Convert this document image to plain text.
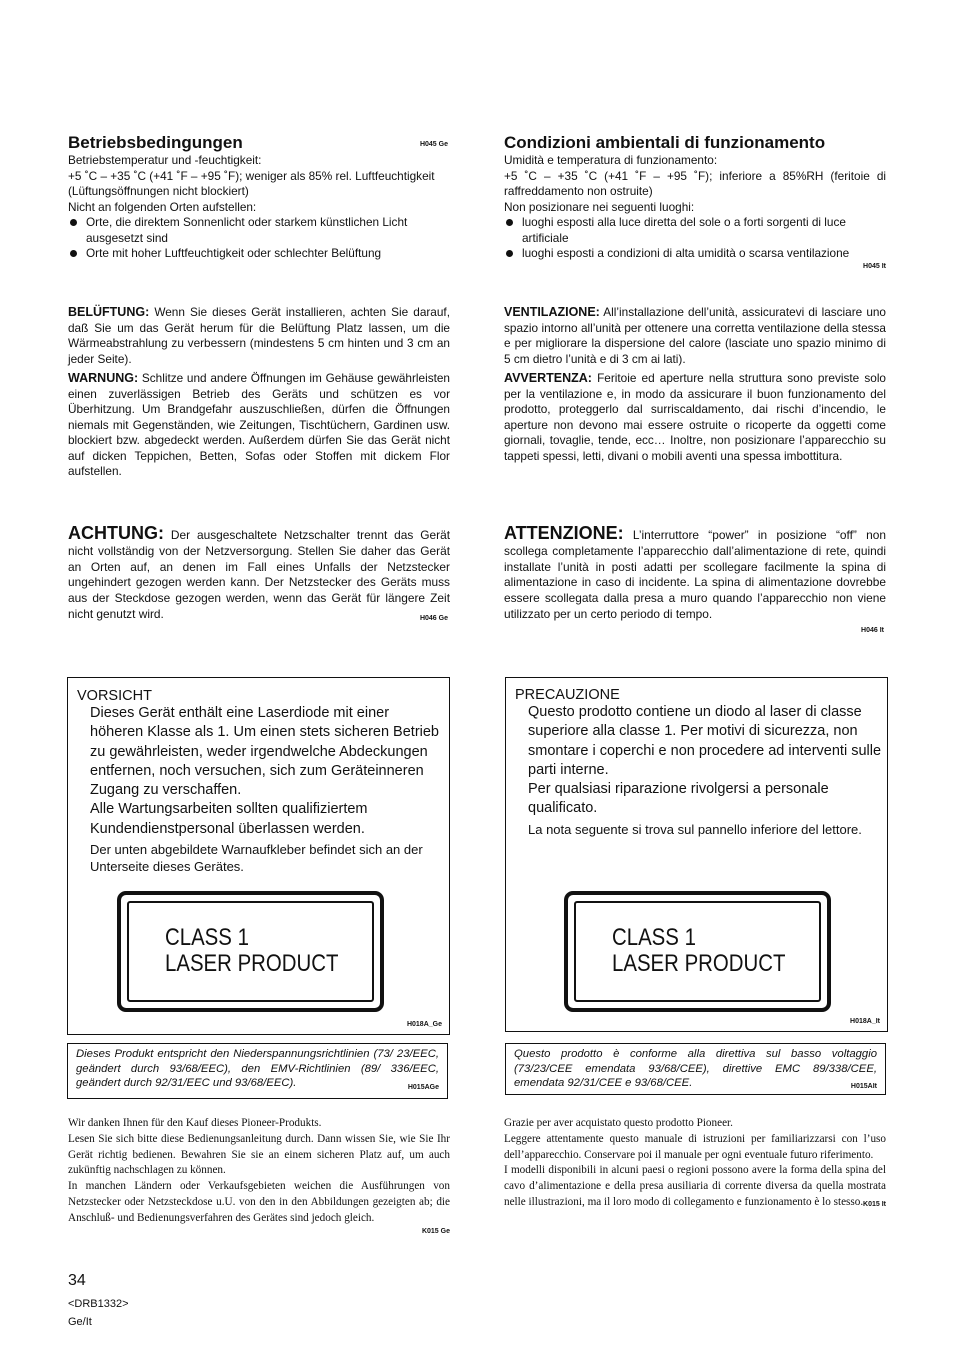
Betriebsbedingungen	H045 Ge

Betriebstemperatur und -feuchtigkeit:

+5 ˚C – +35 ˚C (+41 ˚F – +95 ˚F); weniger als 85% rel. Luftfeuchtigkeit (Lüftungsöffnungen nicht blockiert)

Nicht an folgenden Orten aufstellen:

Orte, die direktem Sonnenlicht oder starkem künstlichen Licht ausgesetzt sind
Orte mit hoher Luftfeuchtigkeit oder schlechter Belüftung

BELÜFTUNG: Wenn Sie dieses Gerät installieren, achten Sie darauf, daß Sie um das Gerät herum für die Belüftung Platz lassen, um die Wärmeabstrahlung zu verbessern (mindestens 5 cm hinten und 3 cm an jeder Seite).

WARNUNG: Schlitze und andere Öffnungen im Gehäuse gewährleisten einen zuverlässigen Betrieb des Geräts und schützen es vor Überhitzung. Um Brandgefahr auszuschließen, dürfen die Öffnungen niemals mit Gegenständen, wie Zeitungen, Tischtüchern, Gardinen usw. blockiert bzw. abgedeckt werden. Außerdem dürfen Sie das Gerät nicht auf dicken Teppichen, Betten, Sofas oder Stoffen mit dickem Flor aufstellen.

ACHTUNG: Der ausgeschaltete Netzschalter trennt das Gerät nicht vollständig von der Netzversorgung. Stellen Sie daher das Gerät an Orten auf, an denen im Fall eines Unfalls der Netzstecker ungehindert gezogen werden kann. Der Netzstecker des Geräts muss aus der Steckdose gezogen werden, wenn das Gerät für längere Zeit nicht genutzt wird.	H046 Ge

VORSICHT

Dieses Gerät enthält eine Laserdiode mit einer höheren Klasse als 1. Um einen stets sicheren Betrieb zu gewährleisten, weder irgendwelche Abdeckungen entfernen, noch versuchen, sich zum Geräteinneren Zugang zu verschaffen.

Alle Wartungsarbeiten sollten qualifiziertem Kundendienstpersonal überlassen werden.

Der unten abgebildete Warnaufkleber befindet sich an der Unterseite dieses Gerätes.

CLASS 1
LASER PRODUCT
H018A_Ge
Dieses Produkt entspricht den Niederspannungsrichtlinien (73/ 23/EEC, geändert durch 93/68/EEC), den EMV-Richtlinien (89/ 336/EEC, geändert durch 92/31/EEC und 93/68/EEC).	H015AGe

Wir danken Ihnen für den Kauf dieses Pioneer-Produkts.

Lesen Sie sich bitte diese Bedienungsanleitung durch. Dann wissen Sie, wie Sie Ihr Gerät richtig bedienen. Bewahren Sie sie an einem sicheren Platz auf, um auch zukünftig nachschlagen zu können.

In manchen Ländern oder Verkaufsgebieten weichen die Ausführungen von Netzstecker oder Netzsteckdose u.U. von den in den Abbildungen gezeigten ab; die Anschluß- und Bedienungsverfahren des Gerätes sind jedoch gleich.

K015 Ge
Condizioni ambientali di funzionamento

Umidità e temperatura di funzionamento:

+5 ˚C – +35 ˚C (+41 ˚F – +95 ˚F); inferiore a 85%RH (feritoie di raffreddamento non ostruite)

Non posizionare nei seguenti luoghi:

luoghi esposti alla luce diretta del sole o a forti sorgenti di luce artificiale
luoghi esposti a condizioni di alta umidità o scarsa ventilazione
H045 It

VENTILAZIONE: All’installazione dell’unità, assicuratevi di lasciare uno spazio intorno all’unità per ottenere una corretta ventilazione della stessa e per migliorare la dispersione del calore (lasciate uno spazio minimo di 5 cm dietro l’unità e di 3 cm ai lati).

AVVERTENZA: Feritoie ed aperture nella struttura sono previste solo per la ventilazione e, in modo da assicurare il buon funzionamento del prodotto, proteggerlo dal surriscaldamento, dai rischi d’incendio, le aperture non devono mai essere ostruite o ricoperte da oggetti come giornali, tovaglie, tende, ecc… Inoltre, non posizionare l’apparecchio su tappeti spessi, letti, divani o mobili aventi una spessa imbottitura.

ATTENZIONE: L’interruttore “power” in posizione “off” non scollega completamente l’apparecchio dall’alimentazione di rete, quindi installate l’unità in posti adatti per scollegare facilmente la spina di alimentazione in caso di incidente. La spina di alimentazione dovrebbe essere scollegata dalla presa a muro quando l’apparecchio non viene utilizzato per un certo periodo di tempo.

H046 It

PRECAUZIONE

Questo prodotto contiene un diodo al laser di classe superiore alla classe 1. Per motivi di sicurezza, non smontare i coperchi e non procedere ad interventi sulle parti interne.

Per qualsiasi riparazione rivolgersi a personale qualificato.

La nota seguente si trova sul pannello inferiore del lettore.

CLASS 1
LASER PRODUCT
H018A_It
Questo prodotto è conforme alla direttiva sul basso voltaggio (73/23/CEE emendata 93/68/CEE), direttive EMC 89/338/CEE, emendata 92/31/CEE e 93/68/CEE.	H015AIt

Grazie per aver acquistato questo prodotto Pioneer.

Leggere attentamente questo manuale di istruzioni per familiarizzarsi con l’uso dell’apparecchio. Conservare poi il manuale per ogni eventuale futuro riferimento.

I modelli disponibili in alcuni paesi o regioni possono avere la forma della spina del cavo d’alimentazione e della presa ausiliaria di corrente diversa da quella mostrata nelle illustrazioni, ma il loro modo di collegamento e funzionamento è lo stesso. K015 It
34
<DRB1332>
Ge/It
